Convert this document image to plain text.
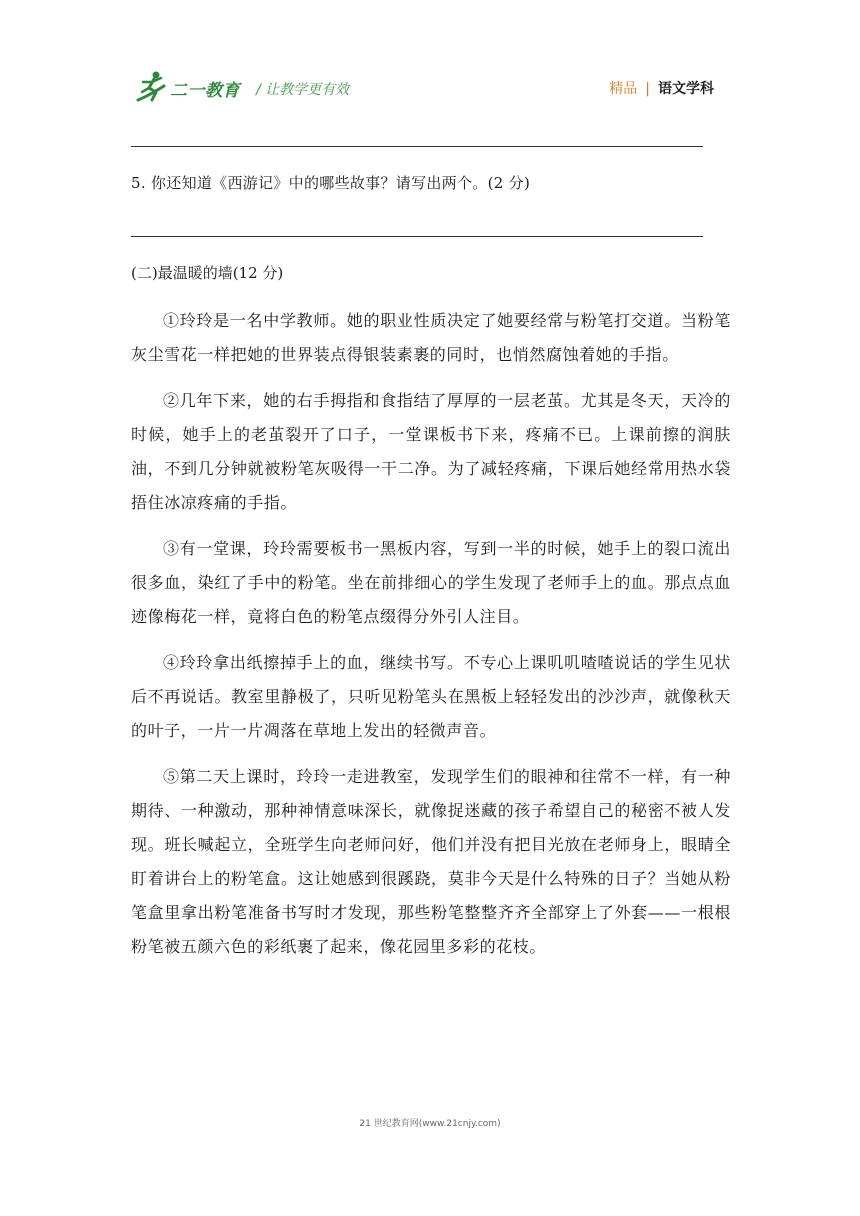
二一教育 / 让教学更有效	精品 | 语文学科
5. 你还知道《西游记》中的哪些故事？请写出两个。(2 分)
(二)最温暖的墙(12 分)

①玲玲是一名中学教师。她的职业性质决定了她要经常与粉笔打交道。当粉笔灰尘雪花一样把她的世界装点得银装素裹的同时，也悄然腐蚀着她的手指。

②几年下来，她的右手拇指和食指结了厚厚的一层老茧。尤其是冬天，天冷的时候，她手上的老茧裂开了口子，一堂课板书下来，疼痛不已。上课前擦的润肤油，不到几分钟就被粉笔灰吸得一干二净。为了减轻疼痛，下课后她经常用热水袋捂住冰凉疼痛的手指。

③有一堂课，玲玲需要板书一黑板内容，写到一半的时候，她手上的裂口流出很多血，染红了手中的粉笔。坐在前排细心的学生发现了老师手上的血。那点点血迹像梅花一样，竟将白色的粉笔点缀得分外引人注目。

④玲玲拿出纸擦掉手上的血，继续书写。不专心上课叽叽喳喳说话的学生见状后不再说话。教室里静极了，只听见粉笔头在黑板上轻轻发出的沙沙声，就像秋天的叶子，一片一片凋落在草地上发出的轻微声音。

⑤第二天上课时，玲玲一走进教室，发现学生们的眼神和往常不一样，有一种期待、一种激动，那种神情意味深长，就像捉迷藏的孩子希望自己的秘密不被人发现。班长喊起立，全班学生向老师问好，他们并没有把目光放在老师身上，眼睛全盯着讲台上的粉笔盒。这让她感到很蹊跷，莫非今天是什么特殊的日子？当她从粉笔盒里拿出粉笔准备书写时才发现，那些粉笔整整齐齐全部穿上了外套——一根根粉笔被五颜六色的彩纸裹了起来，像花园里多彩的花枝。

21 世纪教育网(www.21cnjy.com)
